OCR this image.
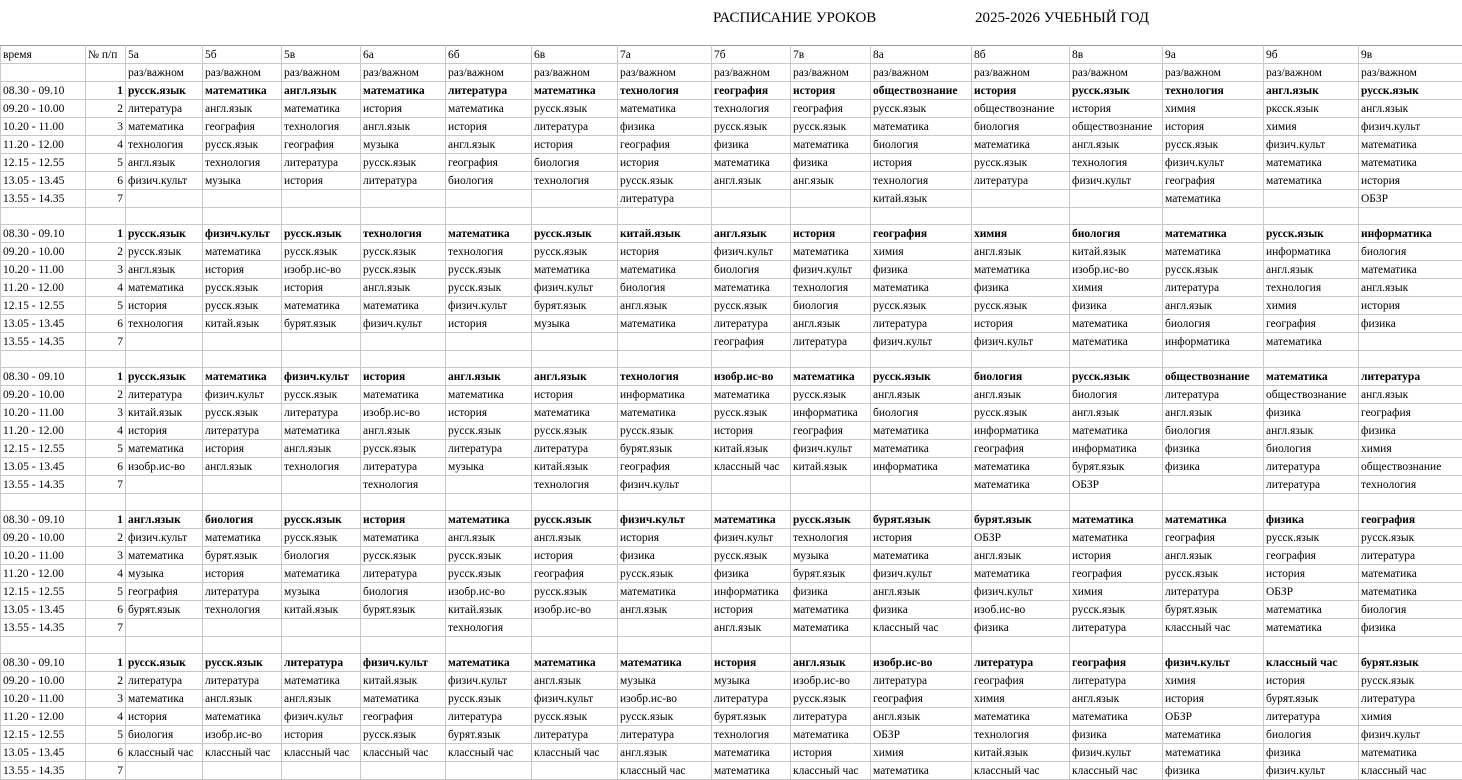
РАСПИСАНИЕ УРОКОВ	2025-2026 УЧЕБНЫЙ ГОД
время	№ п/п	5а	5б	5в	6а	6б	6в	7а	7б	7в	8а	8б	8в	9а	9б	9в
		раз/важном	раз/важном	раз/важном	раз/важном	раз/важном	раз/важном	раз/важном	раз/важном	раз/важном	раз/важном	раз/важном	раз/важном	раз/важном	раз/важном	раз/важном
08.30 - 09.10	1	русск.язык	математика	англ.язык	математика	литература	математика	технология	география	история	обществознание	история	русск.язык	технология	англ.язык	русск.язык
09.20 - 10.00	2	литература	англ.язык	математика	история	математика	русск.язык	математика	технология	география	русск.язык	обществознание	история	химия	рксск.язык	англ.язык
10.20 - 11.00	3	математика	география	технология	англ.язык	история	литература	физика	русск.язык	русск.язык	математика	биология	обществознание	история	химия	физич.культ
11.20 - 12.00	4	технология	русск.язык	география	музыка	англ.язык	история	география	физика	математика	биология	математика	англ.язык	русск.язык	физич.культ	математика
12.15 - 12.55	5	англ.язык	технология	литература	русск.язык	география	биология	история	математика	физика	история	русск.язык	технология	физич.культ	математика	математика
13.05 - 13.45	6	физич.культ	музыка	история	литература	биология	технология	русск.язык	англ.язык	анг.язык	технология	литература	физич.культ	география	математика	история
13.55 - 14.35	7							литература			китай.язык			математика		ОБЗР

08.30 - 09.10	1	русск.язык	физич.культ	русск.язык	технология	математика	русск.язык	китай.язык	англ.язык	история	география	химия	биология	математика	русск.язык	информатика
09.20 - 10.00	2	русск.язык	математика	русск.язык	русск.язык	технология	русск.язык	история	физич.культ	математика	химия	англ.язык	китай.язык	математика	информатика	биология
10.20 - 11.00	3	англ.язык	история	изобр.ис-во	русск.язык	русск.язык	математика	математика	биология	физич.культ	физика	математика	изобр.ис-во	русск.язык	англ.язык	математика
11.20 - 12.00	4	математика	русск.язык	история	англ.язык	русск.язык	физич.культ	биология	математика	технология	математика	физика	химия	литература	технология	англ.язык
12.15 - 12.55	5	история	русск.язык	математика	математика	физич.культ	бурят.язык	англ.язык	русск.язык	биология	русск.язык	русск.язык	физика	англ.язык	химия	история
13.05 - 13.45	6	технология	китай.язык	бурят.язык	физич.культ	история	музыка	математика	литература	англ.язык	литература	история	математика	биология	география	физика
13.55 - 14.35	7								география	литература	физич.культ	физич.культ	математика	информатика	математика	

08.30 - 09.10	1	русск.язык	математика	физич.культ	история	англ.язык	англ.язык	технология	изобр.ис-во	математика	русск.язык	биология	русск.язык	обществознание	математика	литература
09.20 - 10.00	2	литература	физич.культ	русск.язык	математика	математика	история	информатика	математика	русск.язык	англ.язык	англ.язык	биология	литература	обществознание	англ.язык
10.20 - 11.00	3	китай.язык	русск.язык	литература	изобр.ис-во	история	математика	математика	русск.язык	информатика	биология	русск.язык	англ.язык	англ.язык	физика	география
11.20 - 12.00	4	история	литература	математика	англ.язык	русск.язык	русск.язык	русск.язык	история	география	математика	информатика	математика	биология	англ.язык	физика
12.15 - 12.55	5	математика	история	англ.язык	русск.язык	литература	литература	бурят.язык	китай.язык	физич.культ	математика	география	информатика	физика	биология	химия
13.05 - 13.45	6	изобр.ис-во	англ.язык	технология	литература	музыка	китай.язык	география	классный час	китай.язык	информатика	математика	бурят.язык	физика	литература	обществознание
13.55 - 14.35	7				технология		технология	физич.культ				математика	ОБЗР		литература	технология

08.30 - 09.10	1	англ.язык	биология	русск.язык	история	математика	русск.язык	физич.культ	математика	русск.язык	бурят.язык	бурят.язык	математика	математика	физика	география
09.20 - 10.00	2	физич.культ	математика	русск.язык	математика	англ.язык	англ.язык	история	физич.культ	технология	история	ОБЗР	математика	география	русск.язык	русск.язык
10.20 - 11.00	3	математика	бурят.язык	биология	русск.язык	русск.язык	история	физика	русск.язык	музыка	математика	англ.язык	история	англ.язык	география	литература
11.20 - 12.00	4	музыка	история	математика	литература	русск.язык	география	русск.язык	физика	бурят.язык	физич.культ	математика	география	русск.язык	история	математика
12.15 - 12.55	5	география	литература	музыка	биология	изобр.ис-во	русск.язык	математика	информатика	физика	англ.язык	физич.культ	химия	литература	ОБЗР	математика
13.05 - 13.45	6	бурят.язык	технология	китай.язык	бурят.язык	китай.язык	изобр.ис-во	англ.язык	история	математика	физика	изоб.ис-во	русск.язык	бурят.язык	математика	биология
13.55 - 14.35	7					технология			англ.язык	математика	классный час	физика	литература	классный час	математика	физика

08.30 - 09.10	1	русск.язык	русск.язык	литература	физич.культ	математика	математика	математика	история	англ.язык	изобр.ис-во	литература	география	физич.культ	классный час	бурят.язык
09.20 - 10.00	2	литература	литература	математика	китай.язык	физич.культ	англ.язык	музыка	музыка	изобр.ис-во	литература	география	литература	химия	история	русск.язык
10.20 - 11.00	3	математика	англ.язык	англ.язык	математика	русск.язык	физич.культ	изобр.ис-во	литература	русск.язык	география	химия	англ.язык	история	бурят.язык	литература
11.20 - 12.00	4	история	математика	физич.культ	география	литература	русск.язык	русск.язык	бурят.язык	литература	англ.язык	математика	математика	ОБЗР	литература	химия
12.15 - 12.55	5	биология	изобр.ис-во	история	русск.язык	бурят.язык	литература	литература	технология	математика	ОБЗР	технология	физика	математика	биология	физич.культ
13.05 - 13.45	6	классный час	классный час	классный час	классный час	классный час	классный час	англ.язык	математика	история	химия	китай.язык	физич.культ	математика	физика	математика
13.55 - 14.35	7							классный час	математика	классный час	математика	классный час	классный час	физика	физич.культ	классный час
